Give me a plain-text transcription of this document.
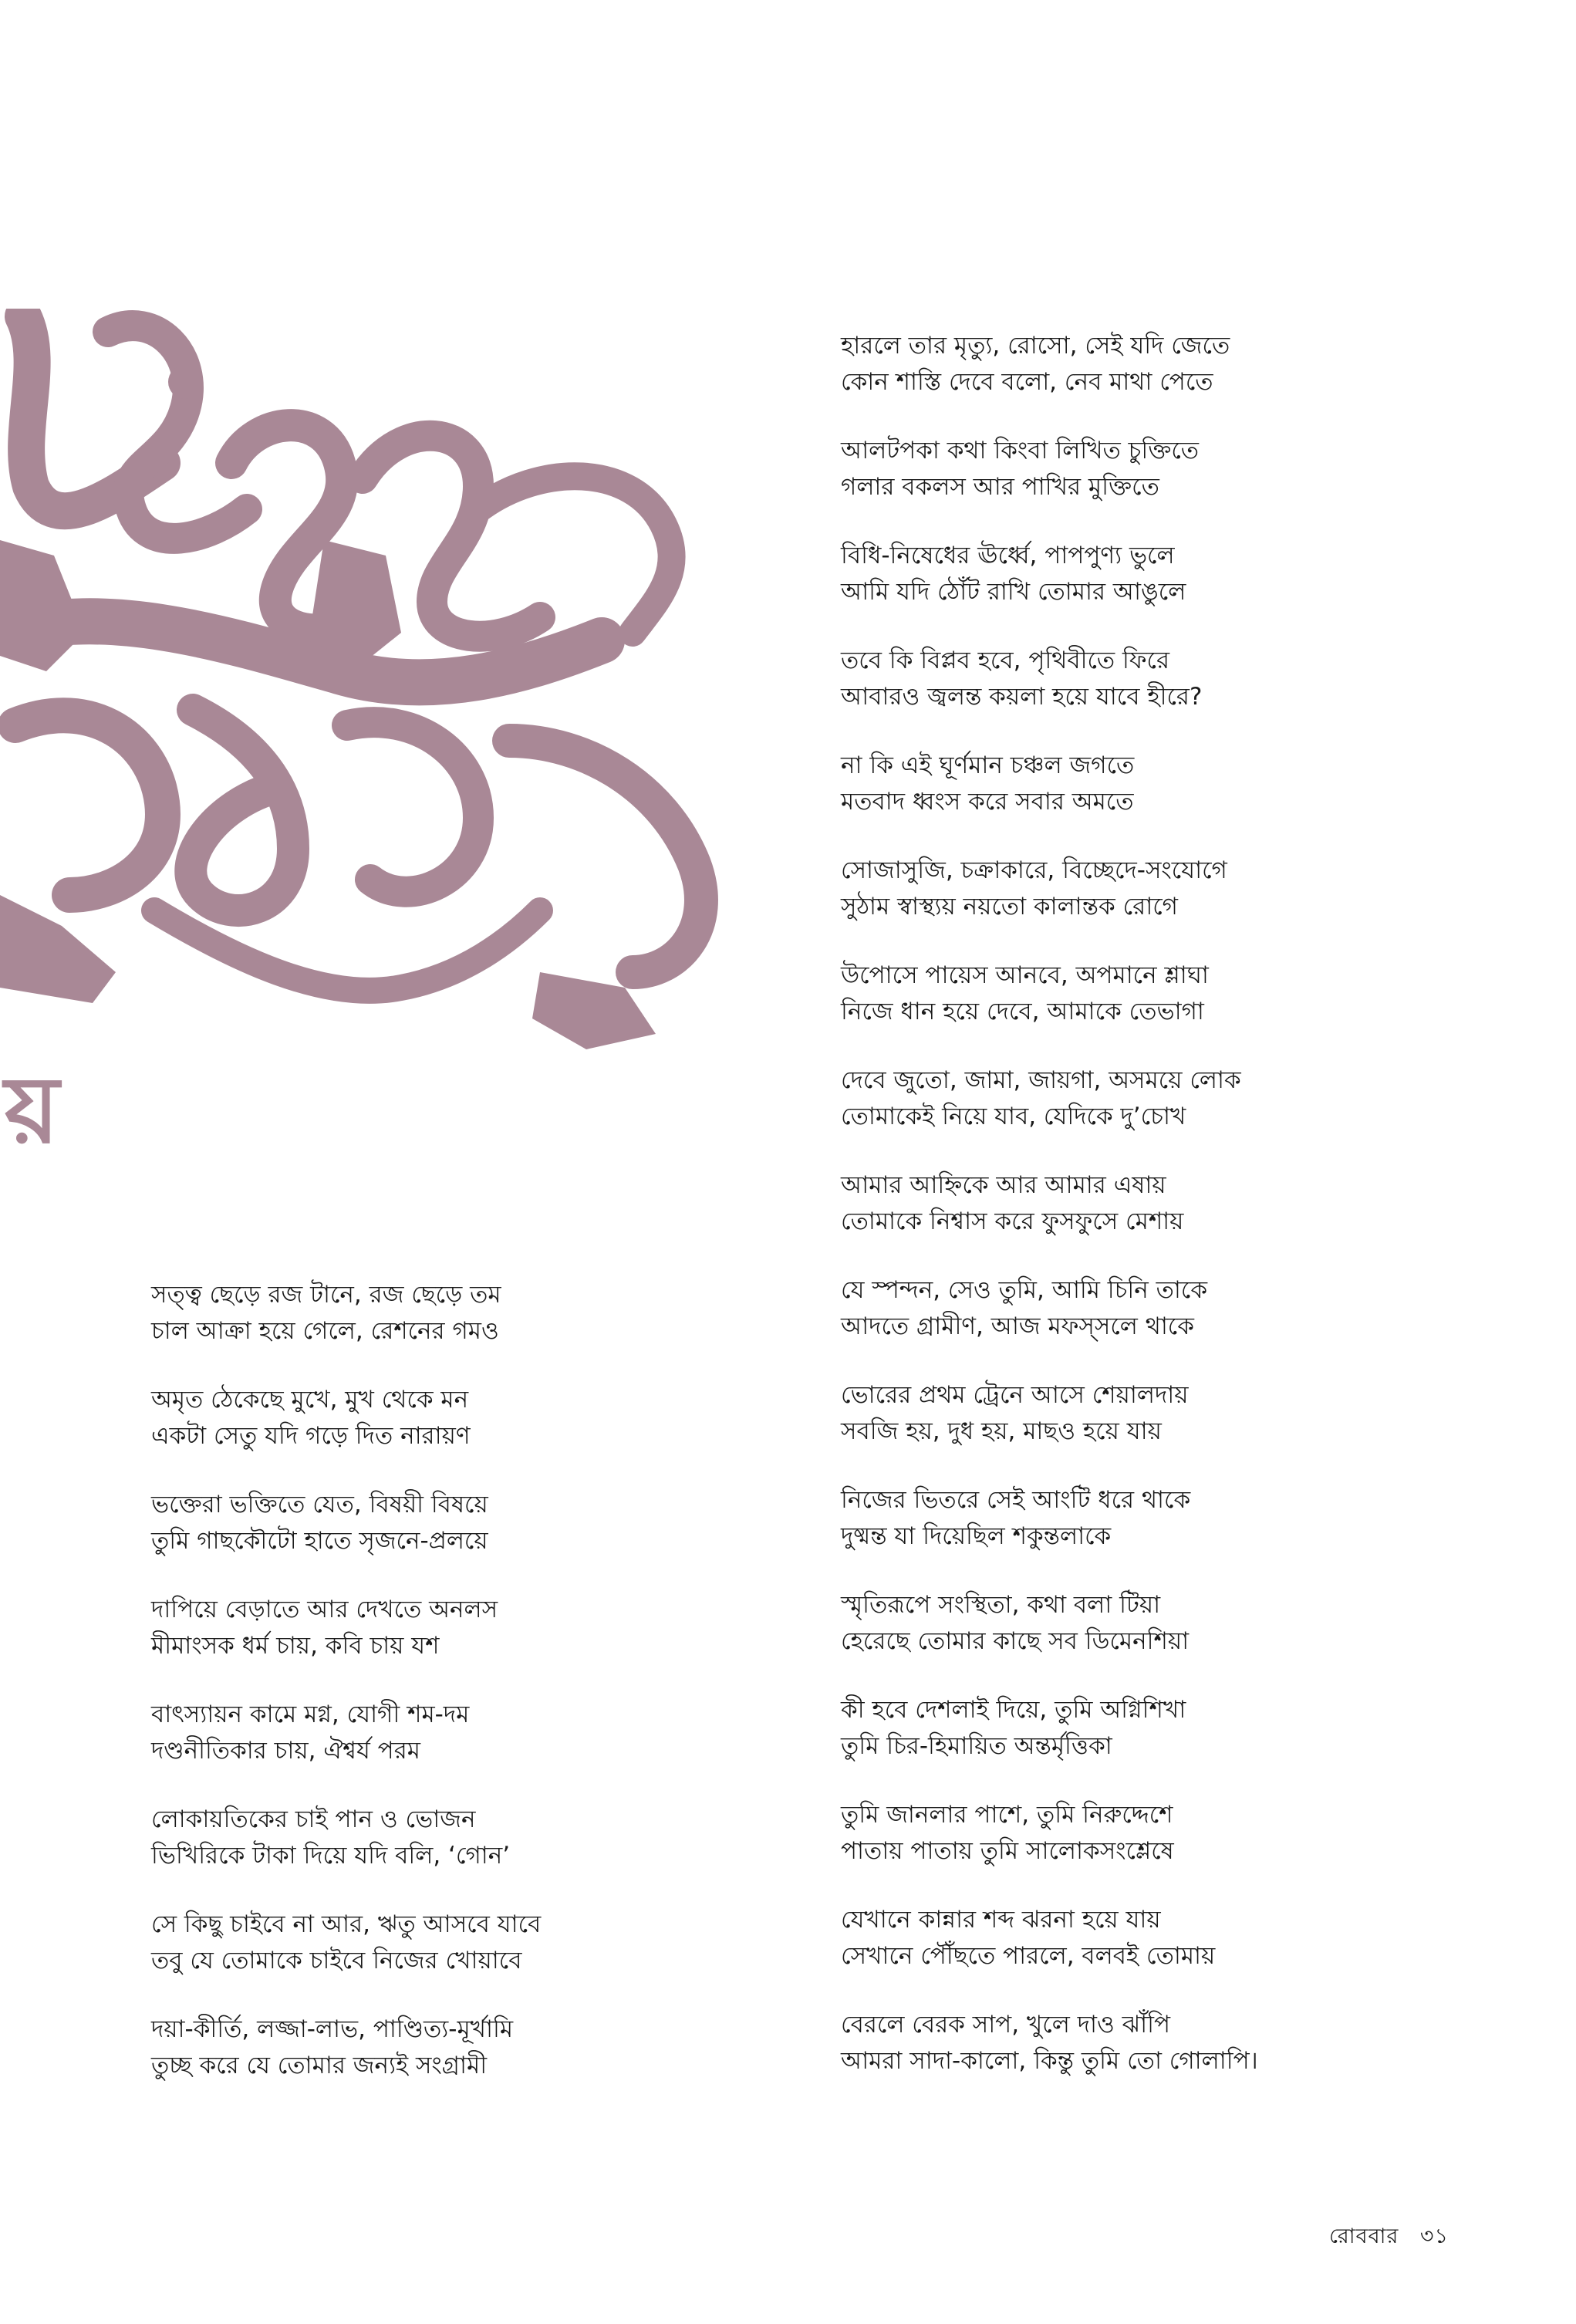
য়
সত্ত্ব ছেড়ে রজ টানে, রজ ছেড়ে তম
চাল আক্রা হয়ে গেলে, রেশনের গমও
অমৃত ঠেকেছে মুখে, মুখ থেকে মন
একটা সেতু যদি গড়ে দিত নারায়ণ
ভক্তেরা ভক্তিতে যেত, বিষয়ী বিষয়ে
তুমি গাছকৌটো হাতে সৃজনে-প্রলয়ে
দাপিয়ে বেড়াতে আর দেখতে অনলস
মীমাংসক ধর্ম চায়, কবি চায় যশ
বাৎস্যায়ন কামে মগ্ন, যোগী শম-দম
দণ্ডনীতিকার চায়, ঐশ্বর্য পরম
লোকায়তিকের চাই পান ও ভোজন
ভিখিরিকে টাকা দিয়ে যদি বলি, ‘গোন’
সে কিছু চাইবে না আর, ঋতু আসবে যাবে
তবু যে তোমাকে চাইবে নিজের খোয়াবে
দয়া-কীর্তি, লজ্জা-লাভ, পাণ্ডিত্য-মূর্খামি
তুচ্ছ করে যে তোমার জন্যই সংগ্রামী
হারলে তার মৃত্যু, রোসো, সেই যদি জেতে
কোন শাস্তি দেবে বলো, নেব মাথা পেতে
আলটপকা কথা কিংবা লিখিত চুক্তিতে
গলার বকলস আর পাখির মুক্তিতে
বিধি-নিষেধের ঊর্ধ্বে, পাপপুণ্য ভুলে
আমি যদি ঠোঁট রাখি তোমার আঙুলে
তবে কি বিপ্লব হবে, পৃথিবীতে ফিরে
আবারও জ্বলন্ত কয়লা হয়ে যাবে হীরে?
না কি এই ঘূর্ণমান চঞ্চল জগতে
মতবাদ ধ্বংস করে সবার অমতে
সোজাসুজি, চক্রাকারে, বিচ্ছেদে-সংযোগে
সুঠাম স্বাস্থ্যয় নয়তো কালান্তক রোগে
উপোসে পায়েস আনবে, অপমানে শ্লাঘা
নিজে ধান হয়ে দেবে, আমাকে তেভাগা
দেবে জুতো, জামা, জায়গা, অসময়ে লোক
তোমাকেই নিয়ে যাব, যেদিকে দু’চোখ
আমার আহ্নিকে আর আমার এষায়
তোমাকে নিশ্বাস করে ফুসফুসে মেশায়
যে স্পন্দন, সেও তুমি, আমি চিনি তাকে
আদতে গ্রামীণ, আজ মফস্‌সলে থাকে
ভোরের প্রথম ট্রেনে আসে শেয়ালদায়
সবজি হয়, দুধ হয়, মাছও হয়ে যায়
নিজের ভিতরে সেই আংটি ধরে থাকে
দুষ্মন্ত যা দিয়েছিল শকুন্তলাকে
স্মৃতিরূপে সংস্থিতা, কথা বলা টিয়া
হেরেছে তোমার কাছে সব ডিমেনশিয়া
কী হবে দেশলাই দিয়ে, তুমি অগ্নিশিখা
তুমি চির-হিমায়িত অন্তর্মৃত্তিকা
তুমি জানলার পাশে, তুমি নিরুদ্দেশে
পাতায় পাতায় তুমি সালোকসংশ্লেষে
যেখানে কান্নার শব্দ ঝরনা হয়ে যায়
সেখানে পৌঁছতে পারলে, বলবই তোমায়
বেরলে বেরক সাপ, খুলে দাও ঝাঁপি
আমরা সাদা-কালো, কিন্তু তুমি তো গোলাপি।
রোববার ৩১
